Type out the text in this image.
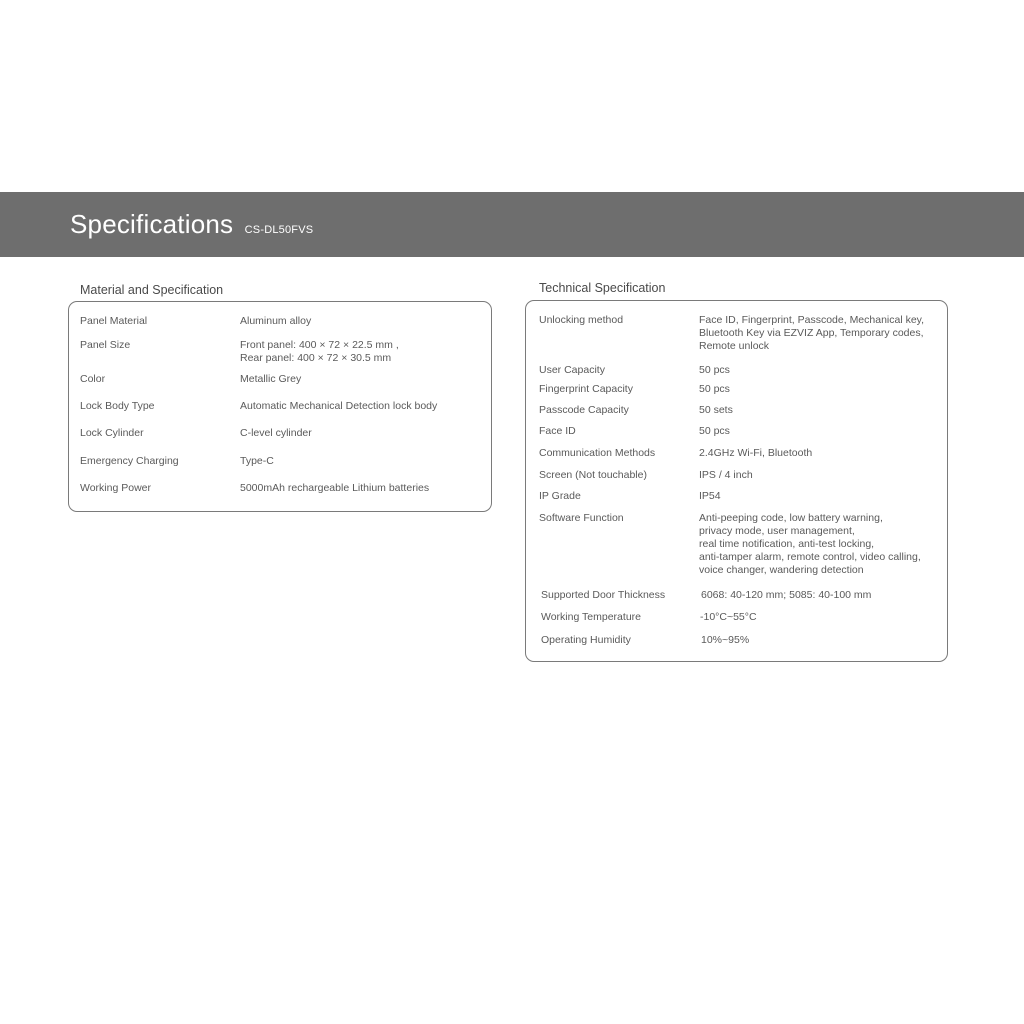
Specifications CS-DL50FVS
Material and Specification	Technical Specification
Panel Material	Aluminum alloy
Panel Size	Front panel: 400 × 72 × 22.5 mm ,
Rear panel: 400 × 72 × 30.5 mm
Color	Metallic Grey
Lock Body Type	Automatic Mechanical Detection lock body
Lock Cylinder	C-level cylinder
Emergency Charging	Type-C
Working Power	5000mAh rechargeable Lithium batteries
Unlocking method	Face ID, Fingerprint, Passcode, Mechanical key,
Bluetooth Key via EZVIZ App, Temporary codes,
Remote unlock
User Capacity	50 pcs
Fingerprint Capacity	50 pcs
Passcode Capacity	50 sets
Face ID	50 pcs
Communication Methods	2.4GHz Wi-Fi, Bluetooth
Screen (Not touchable)	IPS / 4 inch
IP Grade	IP54
Software Function	Anti-peeping code, low battery warning,
privacy mode, user management,
real time notification, anti-test locking,
anti-tamper alarm, remote control, video calling,
voice changer, wandering detection
Supported Door Thickness	6068: 40-120 mm; 5085: 40-100 mm
Working Temperature	-10°C~55°C
Operating Humidity	10%~95%
